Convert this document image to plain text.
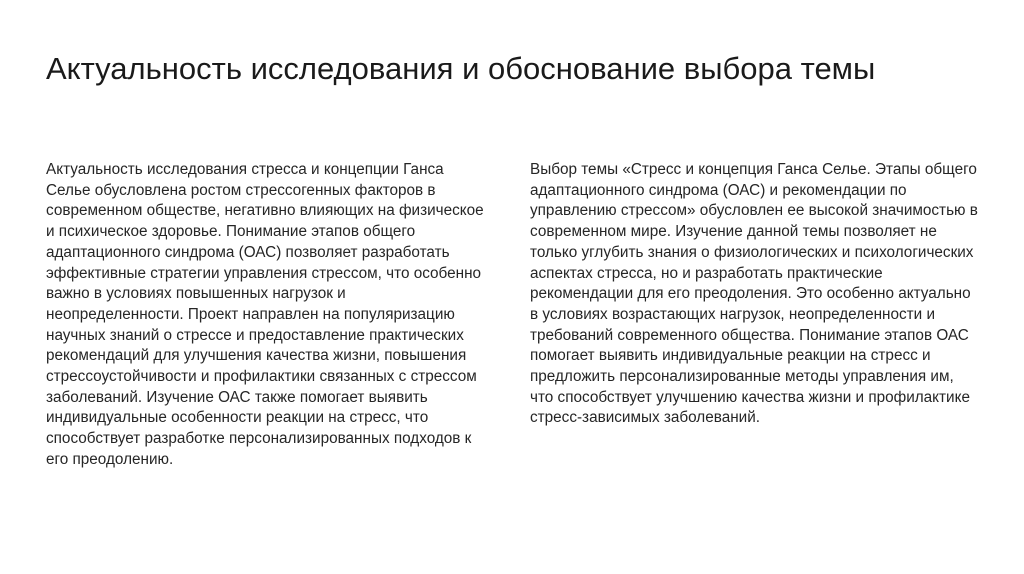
Актуальность исследования и обоснование выбора темы

Актуальность исследования стресса и концепции Ганса Селье обусловлена ростом стрессогенных факторов в современном обществе, негативно влияющих на физическое и психическое здоровье. Понимание этапов общего адаптационного синдрома (ОАС) позволяет разработать эффективные стратегии управления стрессом, что особенно важно в условиях повышенных нагрузок и неопределенности. Проект направлен на популяризацию научных знаний о стрессе и предоставление практических рекомендаций для улучшения качества жизни, повышения стрессоустойчивости и профилактики связанных с стрессом заболеваний. Изучение ОАС также помогает выявить индивидуальные особенности реакции на стресс, что способствует разработке персонализированных подходов к его преодолению.

Выбор темы «Стресс и концепция Ганса Селье. Этапы общего адаптационного синдрома (ОАС) и рекомендации по управлению стрессом» обусловлен ее высокой значимостью в современном мире. Изучение данной темы позволяет не только углубить знания о физиологических и психологических аспектах стресса, но и разработать практические рекомендации для его преодоления. Это особенно актуально в условиях возрастающих нагрузок, неопределенности и требований современного общества. Понимание этапов ОАС помогает выявить индивидуальные реакции на стресс и предложить персонализированные методы управления им, что способствует улучшению качества жизни и профилактике стресс-зависимых заболеваний.
